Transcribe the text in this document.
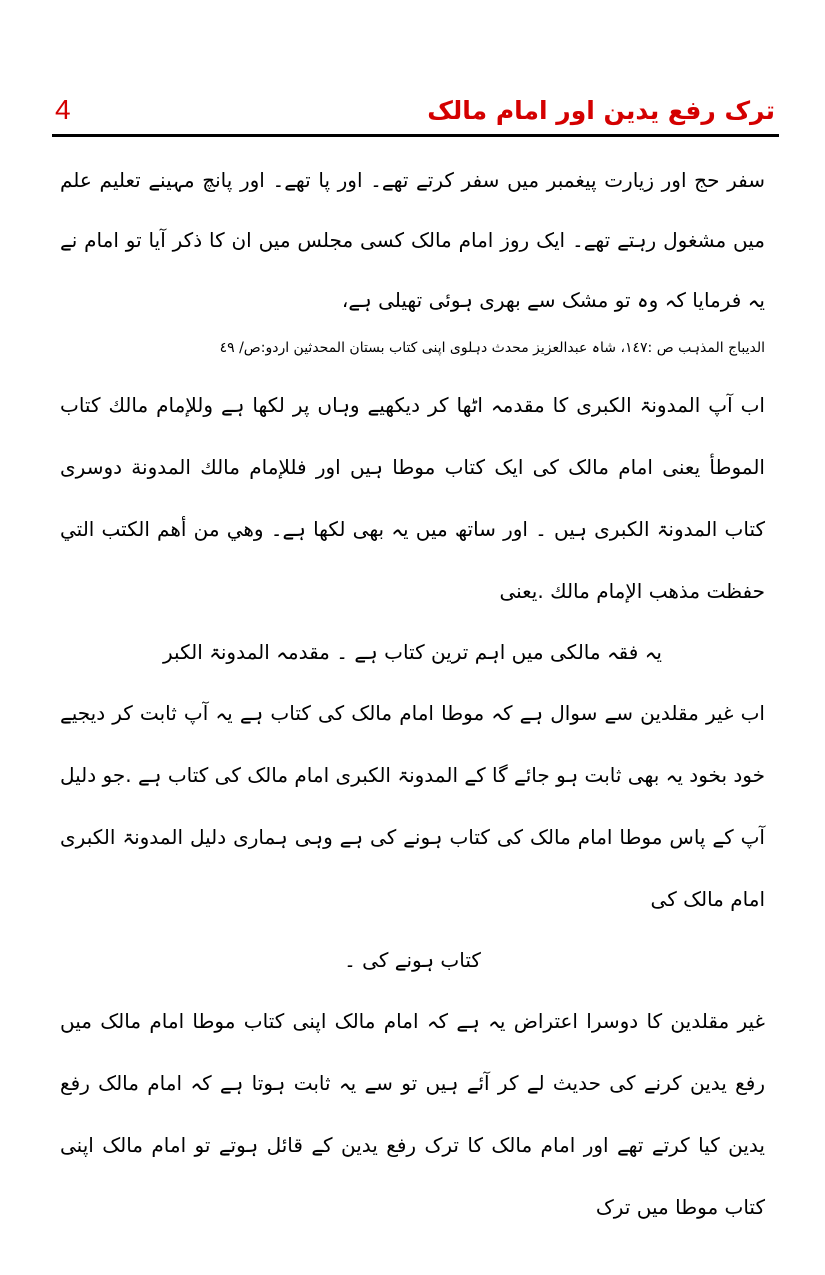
4	ترک رفع یدین اور امام مالک

سفر حج اور زیارت پیغمبر میں سفر کرتے تھے۔ اور پا تھے۔ اور پانچ مہینے تعلیم علم میں مشغول رہتے تھے۔ ایک روز امام مالک کسی مجلس میں ان کا ذکر آیا تو امام نے یہ فرمایا کہ وہ تو مشک سے بھری ہوئی تھیلی ہے،

الدیباج المذہب ص :۱٤۷، شاہ عبدالعزیز محدث دہلوی اپنی کتاب بستان المحدثین اردو:ص/ ٤۹

اب آپ المدونۃ الکبری کا مقدمہ اٹھا کر دیکھیے وہاں پر لکھا ہے وللإمام مالك كتاب الموطأ یعنی امام مالک کی ایک کتاب موطا ہیں اور فللإمام مالك المدونة دوسری کتاب المدونۃ الکبری ہیں ۔ اور ساتھ میں یہ بھی لکھا ہے۔ وهي من أهم الكتب التي حفظت مذهب الإمام مالك .یعنی

یہ فقہ مالکی میں اہم ترین کتاب ہے ۔ مقدمہ المدونۃ الکبر

اب غیر مقلدین سے سوال ہے کہ موطا امام مالک کی کتاب ہے یہ آپ ثابت کر دیجیے خود بخود یہ بھی ثابت ہو جائے گا کے المدونۃ الکبری امام مالک کی کتاب ہے .جو دلیل آپ کے پاس موطا امام مالک کی کتاب ہونے کی ہے وہی ہماری دلیل المدونۃ الکبری امام مالک کی

کتاب ہونے کی ۔

غیر مقلدین کا دوسرا اعتراض یہ ہے کہ امام مالک اپنی کتاب موطا امام مالک میں رفع یدین کرنے کی حدیث لے کر آئے ہیں تو سے یہ ثابت ہوتا ہے کہ امام مالک رفع یدین کیا کرتے تھے اور امام مالک کا ترک رفع یدین کے قائل ہوتے تو امام مالک اپنی کتاب موطا میں ترک
